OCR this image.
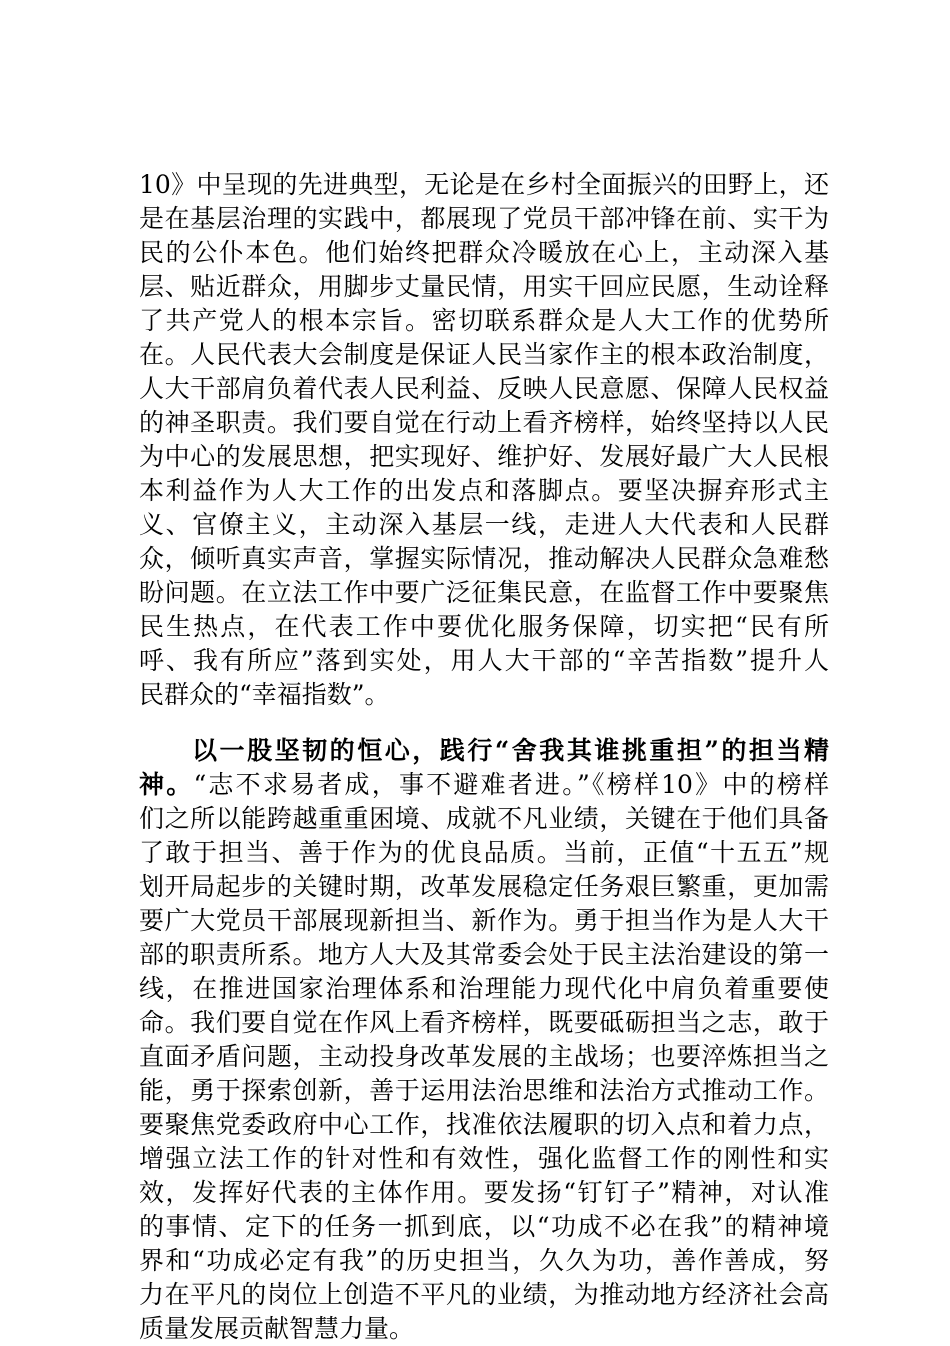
10》中呈现的先进典型，无论是在乡村全面振兴的田野上，还
是在基层治理的实践中，都展现了党员干部冲锋在前、实干为
民的公仆本色。他们始终把群众冷暖放在心上，主动深入基
层、贴近群众，用脚步丈量民情，用实干回应民愿，生动诠释
了共产党人的根本宗旨。密切联系群众是人大工作的优势所
在。人民代表大会制度是保证人民当家作主的根本政治制度，
人大干部肩负着代表人民利益、反映人民意愿、保障人民权益
的神圣职责。我们要自觉在行动上看齐榜样，始终坚持以人民
为中心的发展思想，把实现好、维护好、发展好最广大人民根
本利益作为人大工作的出发点和落脚点。要坚决摒弃形式主
义、官僚主义，主动深入基层一线，走进人大代表和人民群
众，倾听真实声音，掌握实际情况，推动解决人民群众急难愁
盼问题。在立法工作中要广泛征集民意，在监督工作中要聚焦
民生热点，在代表工作中要优化服务保障，切实把“民有所
呼、我有所应”落到实处，用人大干部的“辛苦指数”提升人
民群众的“幸福指数”。
以一股坚韧的恒心，践行“舍我其谁挑重担”的担当精
神。“志不求易者成，事不避难者进。”《榜样10》中的榜样
们之所以能跨越重重困境、成就不凡业绩，关键在于他们具备
了敢于担当、善于作为的优良品质。当前，正值“十五五”规
划开局起步的关键时期，改革发展稳定任务艰巨繁重，更加需
要广大党员干部展现新担当、新作为。勇于担当作为是人大干
部的职责所系。地方人大及其常委会处于民主法治建设的第一
线，在推进国家治理体系和治理能力现代化中肩负着重要使
命。我们要自觉在作风上看齐榜样，既要砥砺担当之志，敢于
直面矛盾问题，主动投身改革发展的主战场；也要淬炼担当之
能，勇于探索创新，善于运用法治思维和法治方式推动工作。
要聚焦党委政府中心工作，找准依法履职的切入点和着力点，
增强立法工作的针对性和有效性，强化监督工作的刚性和实
效，发挥好代表的主体作用。要发扬“钉钉子”精神，对认准
的事情、定下的任务一抓到底，以“功成不必在我”的精神境
界和“功成必定有我”的历史担当，久久为功，善作善成，努
力在平凡的岗位上创造不平凡的业绩，为推动地方经济社会高
质量发展贡献智慧力量。
